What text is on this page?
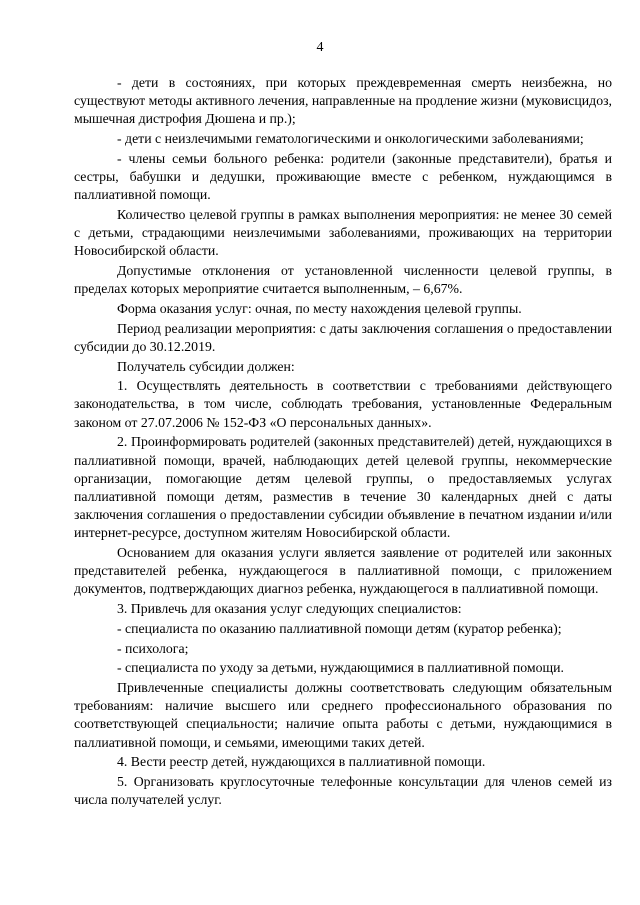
4

- дети в состояниях, при которых преждевременная смерть неизбежна, но существуют методы активного лечения, направленные на продление жизни (муковисцидоз, мышечная дистрофия Дюшена и пр.);

- дети с неизлечимыми гематологическими и онкологическими заболеваниями;

- члены семьи больного ребенка: родители (законные представители), братья и сестры, бабушки и дедушки, проживающие вместе с ребенком, нуждающимся в паллиативной помощи.

Количество целевой группы в рамках выполнения мероприятия: не менее 30 семей с детьми, страдающими неизлечимыми заболеваниями, проживающих на территории Новосибирской области.

Допустимые отклонения от установленной численности целевой группы, в пределах которых мероприятие считается выполненным, – 6,67%.

Форма оказания услуг: очная, по месту нахождения целевой группы.

Период реализации мероприятия: с даты заключения соглашения о предоставлении субсидии до 30.12.2019.

Получатель субсидии должен:

1. Осуществлять деятельность в соответствии с требованиями действующего законодательства, в том числе, соблюдать требования, установленные Федеральным законом от 27.07.2006 № 152-ФЗ «О персональных данных».

2. Проинформировать родителей (законных представителей) детей, нуждающихся в паллиативной помощи, врачей, наблюдающих детей целевой группы, некоммерческие организации, помогающие детям целевой группы, о предоставляемых услугах паллиативной помощи детям, разместив в течение 30 календарных дней с даты заключения соглашения о предоставлении субсидии объявление в печатном издании и/или интернет-ресурсе, доступном жителям Новосибирской области.

Основанием для оказания услуги является заявление от родителей или законных представителей ребенка, нуждающегося в паллиативной помощи, с приложением документов, подтверждающих диагноз ребенка, нуждающегося в паллиативной помощи.

3. Привлечь для оказания услуг следующих специалистов:

- специалиста по оказанию паллиативной помощи детям (куратор ребенка);

- психолога;

- специалиста по уходу за детьми, нуждающимися в паллиативной помощи.

Привлеченные специалисты должны соответствовать следующим обязательным требованиям: наличие высшего или среднего профессионального образования по соответствующей специальности; наличие опыта работы с детьми, нуждающимися в паллиативной помощи, и семьями, имеющими таких детей.

4. Вести реестр детей, нуждающихся в паллиативной помощи.

5. Организовать круглосуточные телефонные консультации для членов семей из числа получателей услуг.
